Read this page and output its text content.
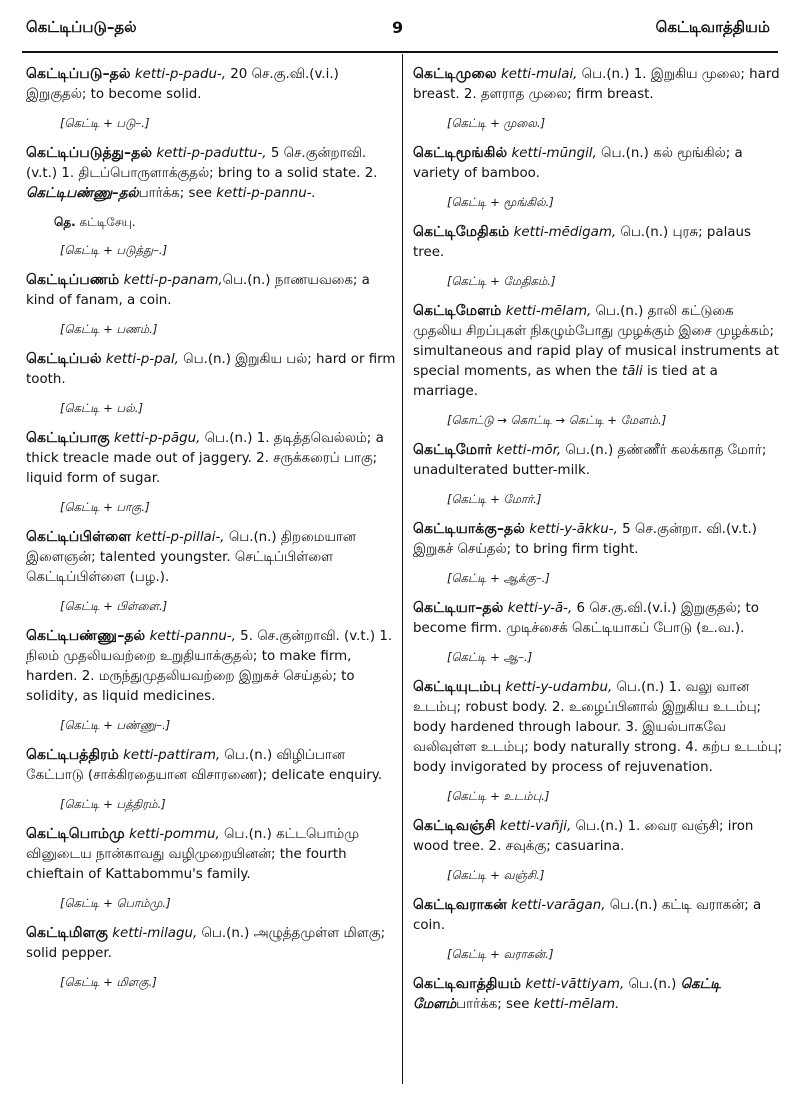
கெட்டிப்படு–தல்	9	கெட்டிவாத்தியம்
கெட்டிப்படு–தல் ketti-p-padu-, 20 செ.கு.வி.(v.i.) இறுகுதல்; to become solid.
[கெட்டி + படு–.]
கெட்டிப்படுத்து–தல் ketti-p-paduttu-, 5 செ.குன்றாவி. (v.t.) 1. திடப்பொருளாக்குதல்; bring to a solid state. 2. கெட்டிபண்ணு–தல்பார்க்க; see ketti-p-pannu-.
தெ. கட்டிசேயு.
[கெட்டி + படுத்து–.]
கெட்டிப்பணம் ketti-p-panam,பெ.(n.) நாணயவகை; a kind of fanam, a coin.
[கெட்டி + பணம்.]
கெட்டிப்பல் ketti-p-pal, பெ.(n.) இறுகிய பல்; hard or firm tooth.
[கெட்டி + பல்.]
கெட்டிப்பாகு ketti-p-pāgu, பெ.(n.) 1. தடித்தவெல்லம்; a thick treacle made out of jaggery. 2. சருக்கரைப் பாகு; liquid form of sugar.
[கெட்டி + பாகு.]
கெட்டிப்பிள்ளை ketti-p-pillai-, பெ.(n.) திறமையான இளைஞன்; talented youngster. செட்டிப்பிள்ளை கெட்டிப்பிள்ளை (பழ.).
[கெட்டி + பிள்ளை.]
கெட்டிபண்ணு–தல் ketti-pannu-, 5. செ.குன்றாவி. (v.t.) 1. நிலம் முதலியவற்றை உறுதியாக்குதல்; to make firm, harden. 2. மருந்துமுதலியவற்றை இறுகச் செய்தல்; to solidity, as liquid medicines.
[கெட்டி + பண்ணு–.]
கெட்டிபத்திரம் ketti-pattiram, பெ.(n.) விழிப்பான கேட்பாடு (சாக்கிரதையான விசாரணை); delicate enquiry.
[கெட்டி + பத்திரம்.]
கெட்டிபொம்மு ketti-pommu, பெ.(n.) கட்டபொம்மு வினுடைய நான்காவது வழிமுறையினன்; the fourth chieftain of Kattabommu's family.
[கெட்டி + பொம்மு.]
கெட்டிமிளகு ketti-milagu, பெ.(n.) அழுத்தமுள்ள மிளகு; solid pepper.
[கெட்டி + மிளகு.]
கெட்டிமுலை ketti-mulai, பெ.(n.) 1. இறுகிய முலை; hard breast. 2. தளராத முலை; firm breast.
[கெட்டி + முலை.]
கெட்டிமூங்கில் ketti-mūngil, பெ.(n.) கல் மூங்கில்; a variety of bamboo.
[கெட்டி + மூங்கில்.]
கெட்டிமேதிகம் ketti-mēdigam, பெ.(n.) புரசு; palaus tree.
[கெட்டி + மேதிகம்.]
கெட்டிமேளம் ketti-mēlam, பெ.(n.) தாலி கட்டுகை முதலிய சிறப்புகள் நிகழும்போது முழக்கும் இசை முழக்கம்; simultaneous and rapid play of musical instruments at special moments, as when the tāli is tied at a marriage.
[கொட்டு → கொட்டி → கெட்டி + மேளம்.]
கெட்டிமோர் ketti-mōr, பெ.(n.) தண்ணீர் கலக்காத மோர்; unadulterated butter-milk.
[கெட்டி + மோர்.]
கெட்டியாக்கு–தல் ketti-y-ākku-, 5 செ.குன்றா. வி.(v.t.) இறுகச் செய்தல்; to bring firm tight.
[கெட்டி + ஆக்கு–.]
கெட்டியா–தல் ketti-y-ā-, 6 செ.கு.வி.(v.i.) இறுகுதல்; to become firm. முடிச்சைக் கெட்டியாகப் போடு (உ.வ.).
[கெட்டி + ஆ–.]
கெட்டியுடம்பு ketti-y-udambu, பெ.(n.) 1. வலு வான உடம்பு; robust body. 2. உழைப்பினால் இறுகிய உடம்பு; body hardened through labour. 3. இயல்பாகவே வலிவுள்ள உடம்பு; body naturally strong. 4. கற்ப உடம்பு; body invigorated by process of rejuvenation.
[கெட்டி + உடம்பு.]
கெட்டிவஞ்சி ketti-vañji, பெ.(n.) 1. வைர வஞ்சி; iron wood tree. 2. சவுக்கு; casuarina.
[கெட்டி + வஞ்சி.]
கெட்டிவராகன் ketti-varāgan, பெ.(n.) கட்டி வராகன்; a coin.
[கெட்டி + வராகன்.]
கெட்டிவாத்தியம் ketti-vāttiyam, பெ.(n.) கெட்டி மேளம்பார்க்க; see ketti-mēlam.
